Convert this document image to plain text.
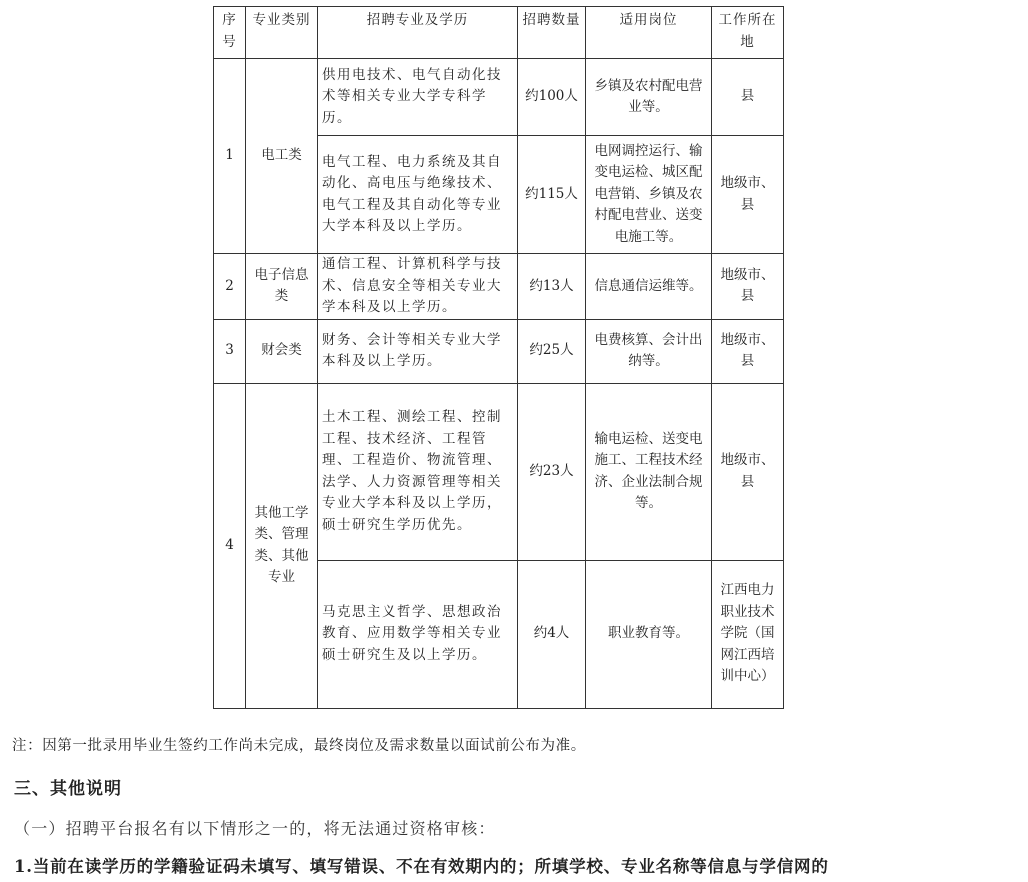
序号	专业类别	招聘专业及学历	招聘数量	适用岗位	工作所在地
1	电工类	供用电技术、电气自动化技术等相关专业大学专科学历。	约100人	乡镇及农村配电营业等。	县
		电气工程、电力系统及其自动化、高电压与绝缘技术、电气工程及其自动化等专业大学本科及以上学历。	约115人	电网调控运行、输变电运检、城区配电营销、乡镇及农村配电营业、送变电施工等。	地级市、县
2	电子信息类	通信工程、计算机科学与技术、信息安全等相关专业大学本科及以上学历。	约13人	信息通信运维等。	地级市、县
3	财会类	财务、会计等相关专业大学本科及以上学历。	约25人	电费核算、会计出纳等。	地级市、县
4	其他工学类、管理类、其他专业	土木工程、测绘工程、控制工程、技术经济、工程管理、工程造价、物流管理、法学、人力资源管理等相关专业大学本科及以上学历，硕士研究生学历优先。	约23人	输电运检、送变电施工、工程技术经济、企业法制合规等。	地级市、县
		马克思主义哲学、思想政治教育、应用数学等相关专业硕士研究生及以上学历。	约4人	职业教育等。	江西电力职业技术学院（国网江西培训中心）
注：因第一批录用毕业生签约工作尚未完成，最终岗位及需求数量以面试前公布为准。
三、其他说明
（一）招聘平台报名有以下情形之一的，将无法通过资格审核：
1.当前在读学历的学籍验证码未填写、填写错误、不在有效期内的；所填学校、专业名称等信息与学信网的
